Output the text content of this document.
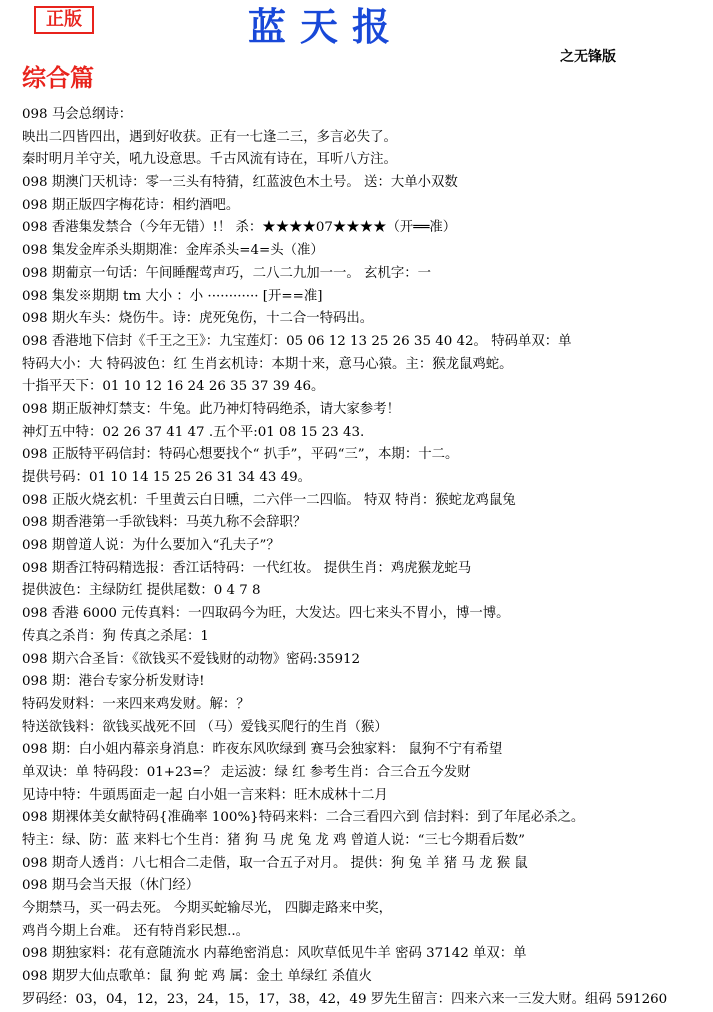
正版	蓝天报
之无锋版
综合篇
098 马会总纲诗：
映出二四皆四出，遇到好收获。正有一七逢二三，多言必失了。
秦时明月羊守关，吼九设意思。千古风流有诗在，耳听八方注。
098 期澳门天机诗：零一三头有特猜，红蓝波色木土号。 送：大单小双数
098 期正版四字梅花诗：相约酒吧。
098 香港集发禁合（今年无错）!！ 杀：★★★★07★★★★（开══准）
098 集发金库杀头期期准：金库杀头=4=头（准）
098 期葡京一句话：午间睡醒莺声巧，二八二九加一一。 玄机字：一
098 集发※期期 tm 大小 ：小 ············ [开==准]
098 期火车头：烧伤牛。诗：虎死兔伤，十二合一特码出。
098 香港地下信封《千王之王》：九宝莲灯：05 06 12 13 25 26 35 40 42。 特码单双：单
特码大小：大 特码波色：红 生肖玄机诗：本期十来，意马心猿。主：猴龙鼠鸡蛇。
十指平天下：01 10 12 16 24 26 35 37 39 46。
098 期正版神灯禁支：牛兔。此乃神灯特码绝杀，请大家参考！
神灯五中特：02 26 37 41 47 .五个平:01 08 15 23 43.
098 正版特平码信封：特码心想要找个“ 扒手”，平码“三”，本期：十二。
提供号码：01 10 14 15 25 26 31 34 43 49。
098 正版火烧玄机：千里黄云白日曛，二六伴一二四临。 特双 特肖：猴蛇龙鸡鼠兔
098 期香港第一手欲钱料：马英九称不会辞职？
098 期曾道人说：为什么要加入“孔夫子”？
098 期香江特码精选报：香江话特码：一代红妆。 提供生肖：鸡虎猴龙蛇马
提供波色：主绿防红 提供尾数：0 4 7 8
098 香港 6000 元传真料：一四取码今为旺，大发达。四七来头不胃小，博一博。
传真之杀肖：狗 传真之杀尾：1
098 期六合圣旨：《欲钱买不爱钱财的动物》密码:35912
098 期：港台专家分析发财诗!
特码发财料：一来四来鸡发财。解：？
特送欲钱料：欲钱买战死不回 （马）爱钱买爬行的生肖（猴）
098 期：白小姐内幕亲身消息：昨夜东风吹绿到 赛马会独家料： 鼠狗不宁有希望
单双诀：单 特码段：01+23=？ 走运波：绿 红 参考生肖：合三合五今发财
见诗中特：牛頭馬面走一起 白小姐一言来料：旺木成林十二月
098 期裸体美女献特码{准确率 100%}特码来料：二合三看四六到 信封料：到了年尾必杀之。
特主：绿、防：蓝 来料七个生肖：猪 狗 马 虎 兔 龙 鸡 曾道人说：“三七今期看后数”
098 期奇人透肖：八七相合二走偕，取一合五子对月。 提供：狗 兔 羊 猪 马 龙 猴 鼠
098 期马会当天报（休门经）
今期禁马，买一码去死。 今期买蛇输尽光， 四脚走路来中奖，
鸡肖今期上台难。 还有特肖彩民想..。
098 期独家料：花有意随流水 内幕绝密消息：风吹草低见牛羊 密码 37142 单双：单
098 期罗大仙点歌单：鼠 狗 蛇 鸡 属：金土 单绿红 杀值火
罗码经：03，04，12，23，24，15，17，38，42，49 罗先生留言：四来六来一三发大财。组码 591260
